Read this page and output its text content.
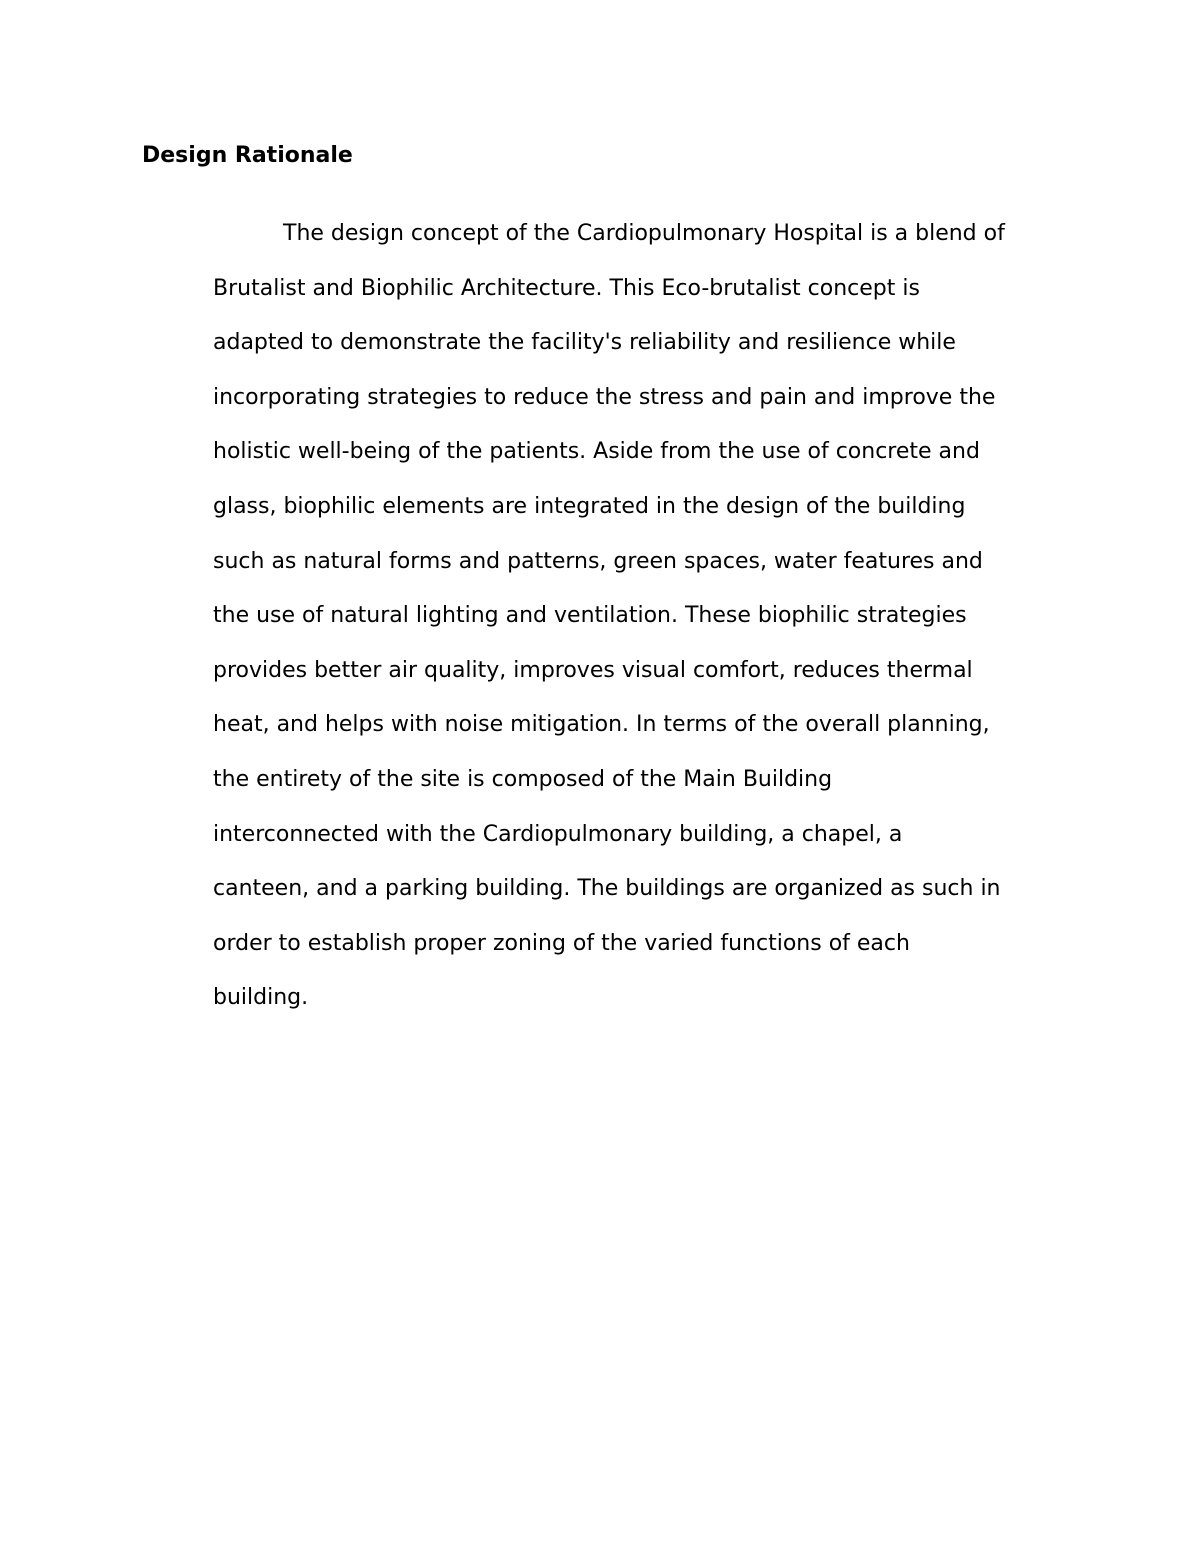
Design Rationale
The design concept of the Cardiopulmonary Hospital is a blend of
Brutalist and Biophilic Architecture. This Eco-brutalist concept is
adapted to demonstrate the facility's reliability and resilience while
incorporating strategies to reduce the stress and pain and improve the
holistic well-being of the patients. Aside from the use of concrete and
glass, biophilic elements are integrated in the design of the building
such as natural forms and patterns, green spaces, water features and
the use of natural lighting and ventilation. These biophilic strategies
provides better air quality, improves visual comfort, reduces thermal
heat, and helps with noise mitigation. In terms of the overall planning,
the entirety of the site is composed of the Main Building
interconnected with the Cardiopulmonary building, a chapel, a
canteen, and a parking building. The buildings are organized as such in
order to establish proper zoning of the varied functions of each
building.
